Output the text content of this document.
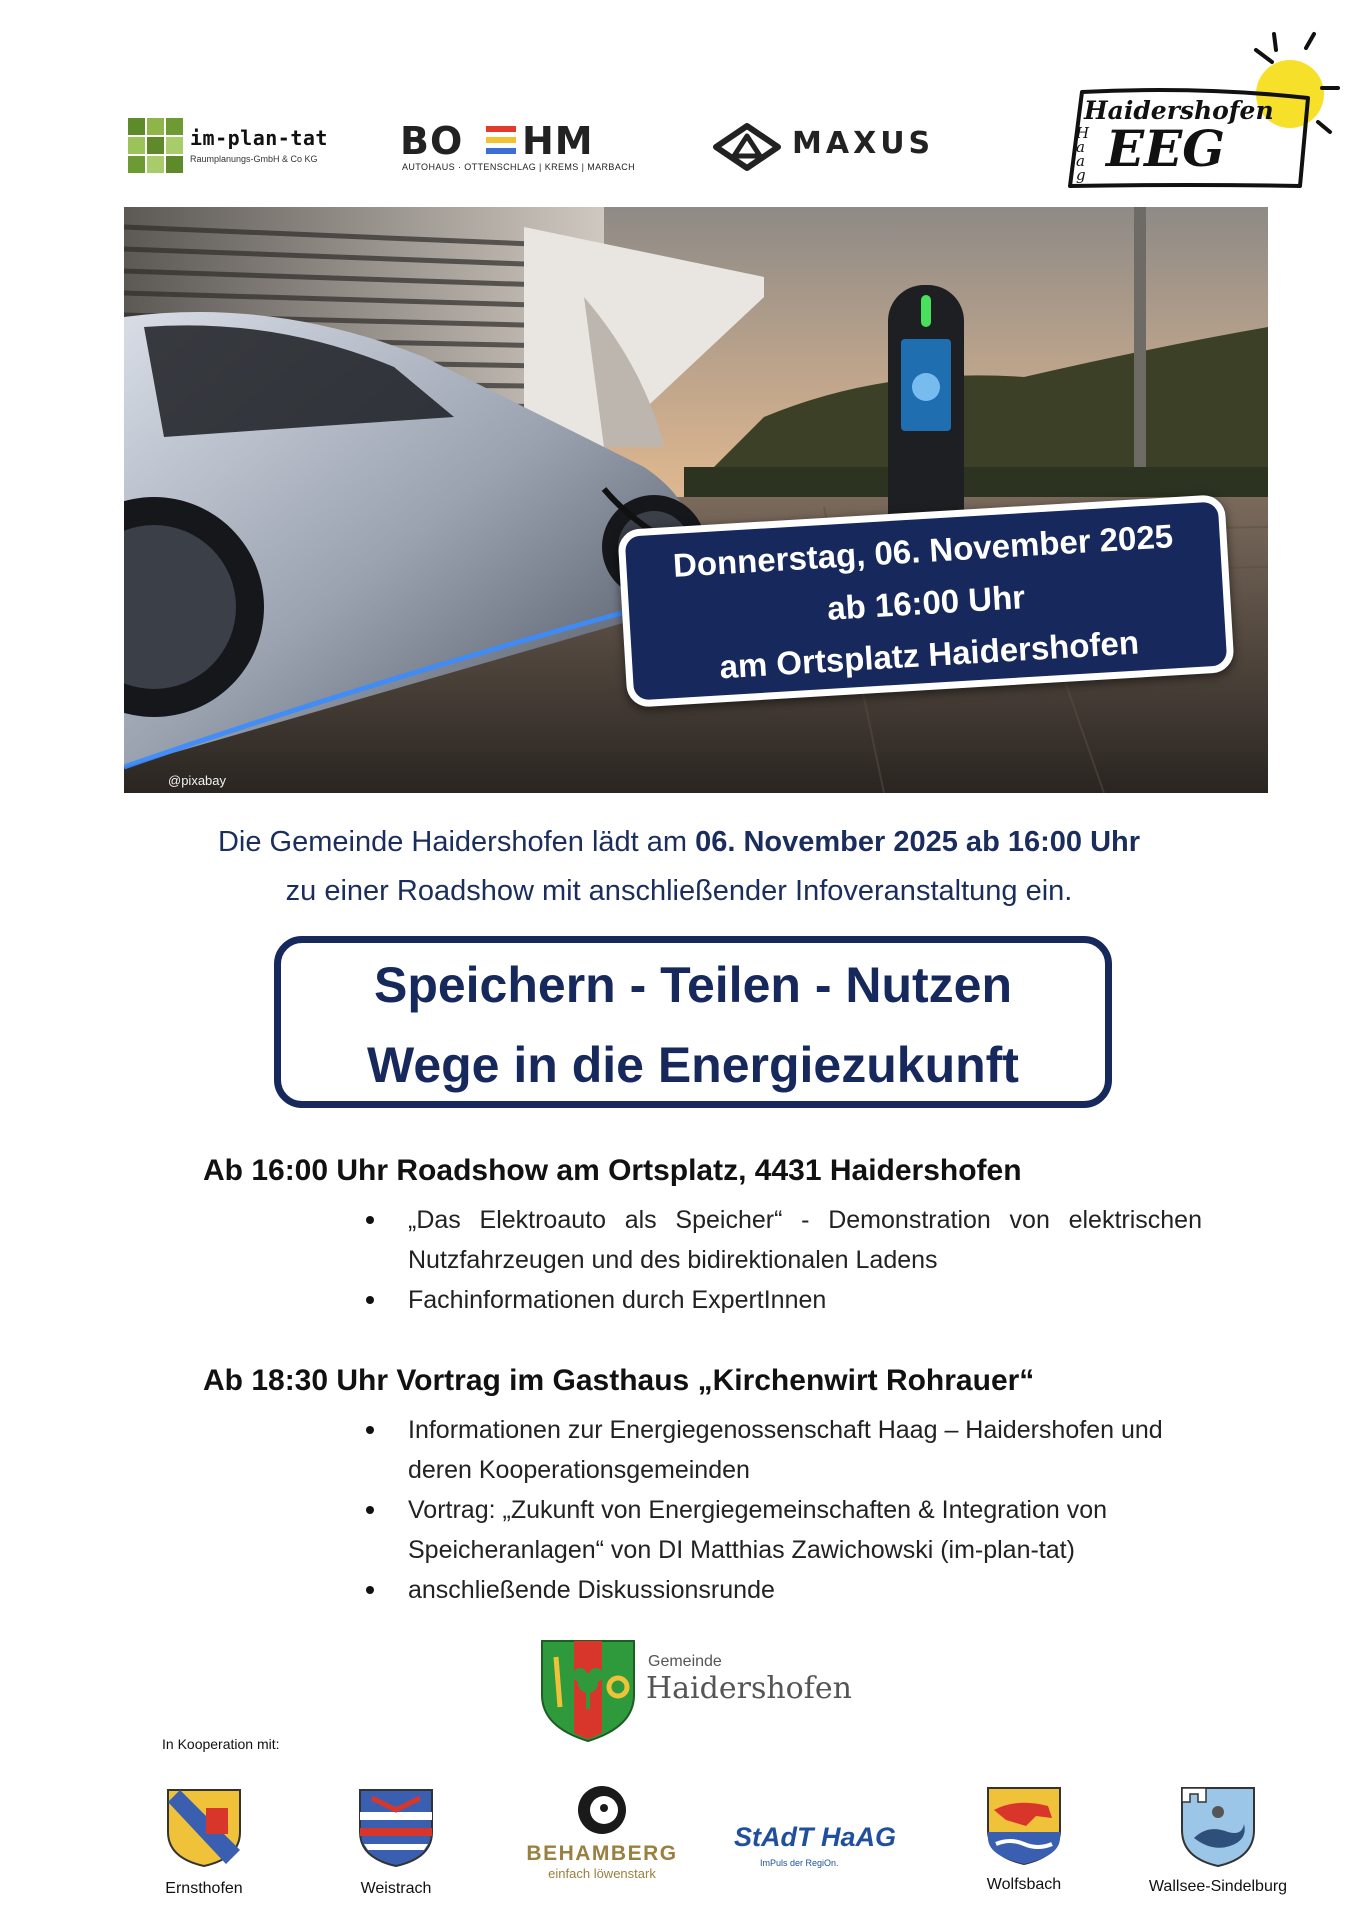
im-plan-tat
Raumplanungs-GmbH & Co KG BO HM
AUTOHAUS · OTTENSCHLAG | KREMS | MARBACH
MAXUS
Haidershofen
Haag EEG
@pixabay
Donnerstag, 06. November 2025
ab 16:00 Uhr
am Ortsplatz Haidershofen
Die Gemeinde Haidershofen lädt am 06. November 2025 ab 16:00 Uhr
zu einer Roadshow mit anschließender Infoveranstaltung ein.
Speichern - Teilen - Nutzen
Wege in die Energiezukunft
Ab 16:00 Uhr Roadshow am Ortsplatz, 4431 Haidershofen
„Das Elektroauto als Speicher“ - Demonstration von elektrischen Nutzfahrzeugen und des bidirektionalen Ladens
Fachinformationen durch ExpertInnen
Ab 18:30 Uhr Vortrag im Gasthaus „Kirchenwirt Rohrauer“
Informationen zur Energiegenossenschaft Haag – Haidershofen und deren Kooperationsgemeinden
Vortrag: „Zukunft von Energiegemeinschaften & Integration von Speicheranlagen“ von DI Matthias Zawichowski (im-plan-tat)
anschließende Diskussionsrunde
Gemeinde
Haidershofen
In Kooperation mit:
Ernsthofen	Weistrach
BEHAMBERG
einfach löwenstark
StAdT HaAG
ImPuls der RegiOn.
Wolfsbach	Wallsee-Sindelburg
